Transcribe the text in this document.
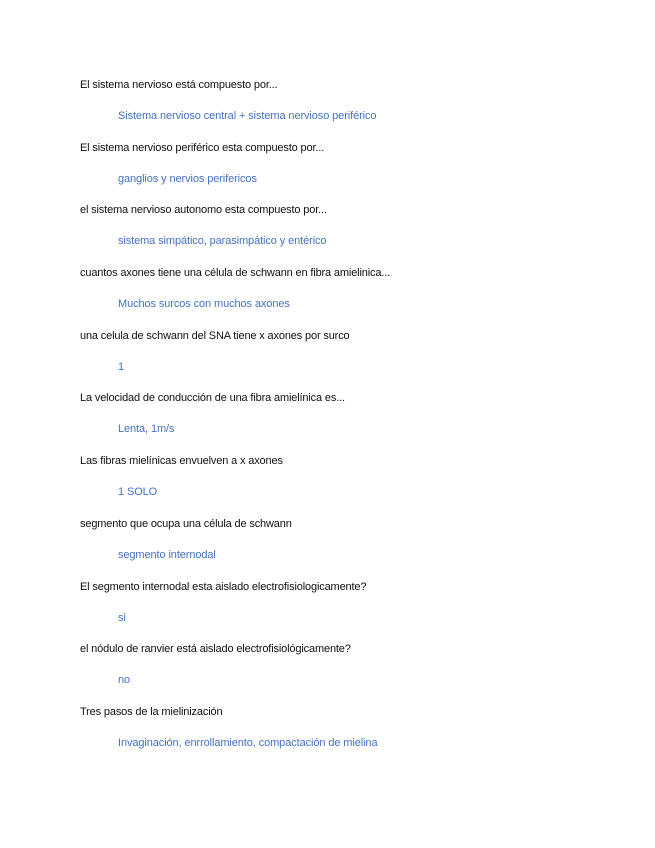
El sistema nervioso está compuesto por...
Sistema nervioso central + sistema nervioso periférico
El sistema nervioso periférico esta compuesto por...
ganglios y nervios perifericos
el sistema nervioso autonomo esta compuesto por...
sistema simpático, parasimpático y entérico
cuantos axones tiene una célula de schwann en fibra amielinica...
Muchos surcos con muchos axones
una celula de schwann del SNA tiene x axones por surco
1
La velocidad de conducción de una fibra amielínica es...
Lenta, 1m/s
Las fibras mielínicas envuelven a x axones
1 SOLO
segmento que ocupa una célula de schwann
segmento internodal
El segmento internodal esta aislado electrofisiologicamente?
si
el nódulo de ranvier está aislado electrofisiológicamente?
no
Tres pasos de la mielinización
Invaginación, enrrollamiento, compactación de mielina
